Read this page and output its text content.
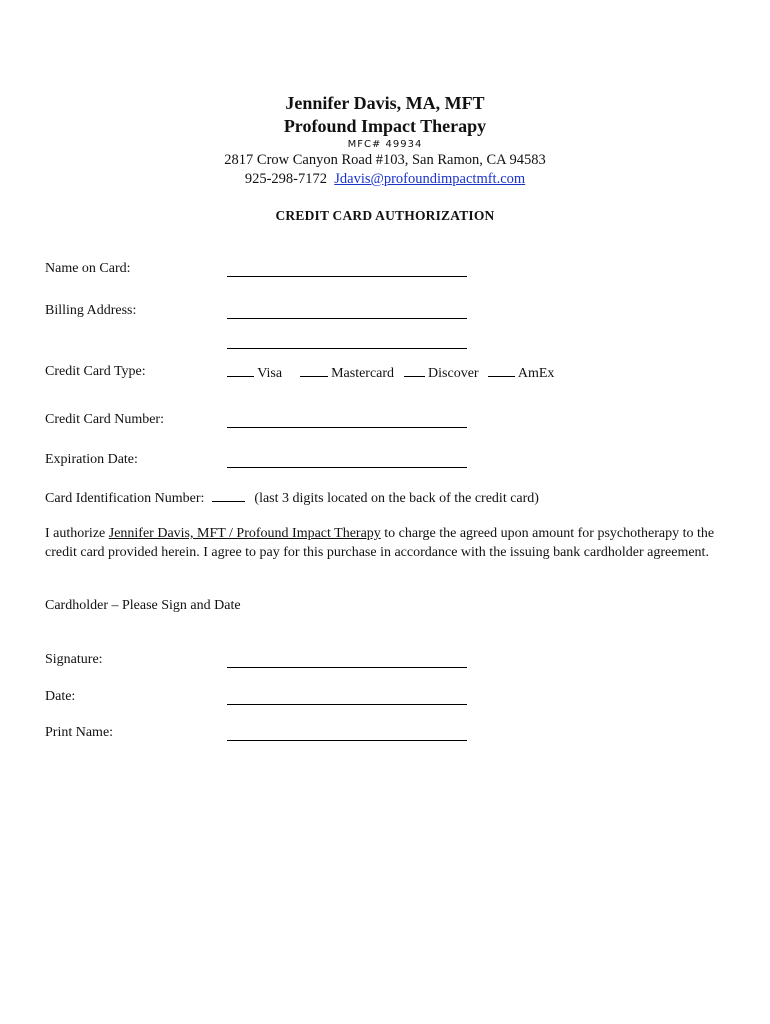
Jennifer Davis, MA, MFT
Profound Impact Therapy
MFC# 49934
2817 Crow Canyon Road #103, San Ramon, CA 94583
925-298-7172 Jdavis@profoundimpactmft.com
CREDIT CARD AUTHORIZATION
Name on Card:
Billing Address:
Credit Card Type:	Visa	Mastercard Discover	AmEx
Credit Card Number:
Expiration Date:
Card Identification Number:	(last 3 digits located on the back of the credit card)
I authorize Jennifer Davis, MFT / Profound Impact Therapy to charge the agreed upon amount for psychotherapy to the credit card provided herein. I agree to pay for this purchase in accordance with the issuing bank cardholder agreement.
Cardholder – Please Sign and Date
Signature:
Date:
Print Name:
